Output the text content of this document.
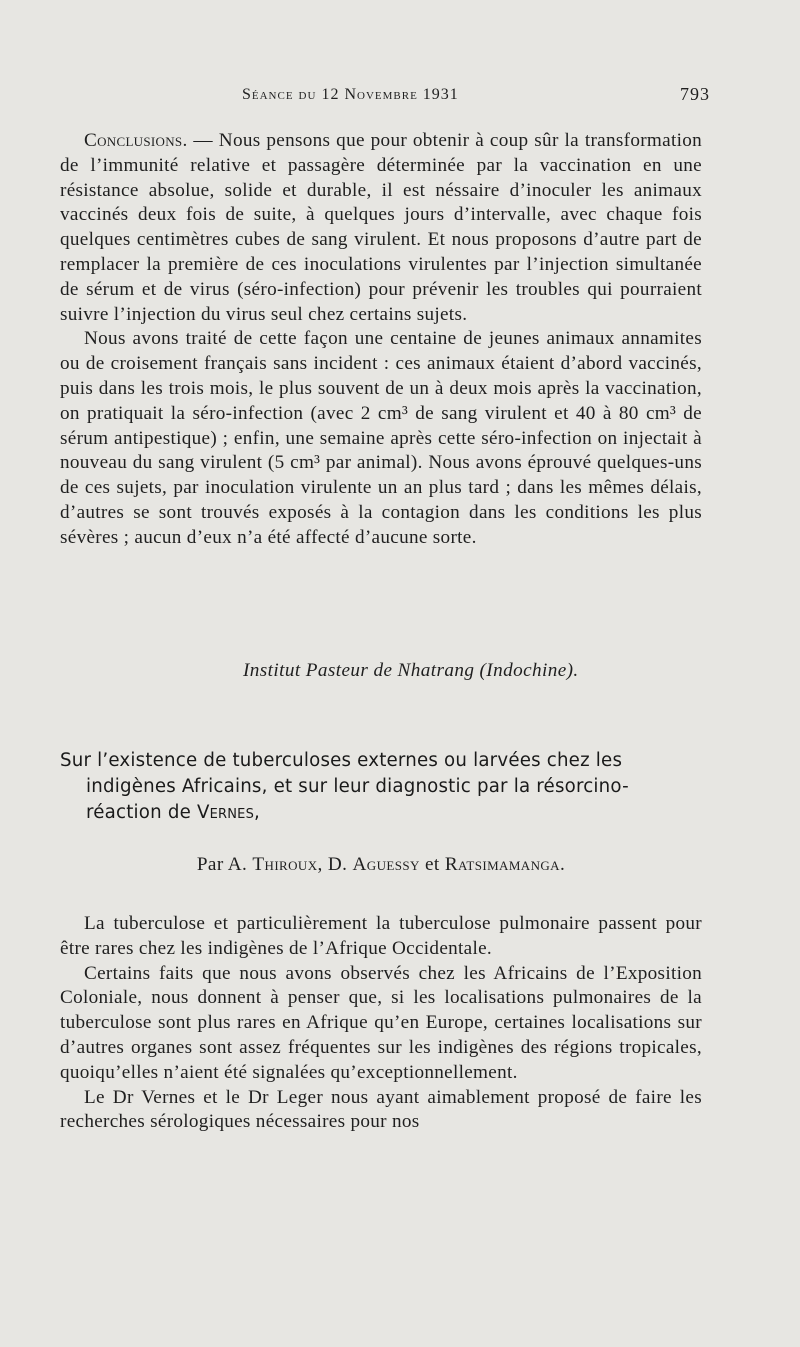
Séance du 12 Novembre 1931	793

Conclusions. — Nous pensons que pour obtenir à coup sûr la transformation de l’immunité relative et passagère déterminée par la vaccination en une résistance absolue, solide et durable, il est néssaire d’inoculer les animaux vaccinés deux fois de suite, à quelques jours d’intervalle, avec chaque fois quelques centimètres cubes de sang virulent. Et nous proposons d’autre part de remplacer la première de ces inoculations virulentes par l’injection simultanée de sérum et de virus (séro-infection) pour prévenir les troubles qui pourraient suivre l’injection du virus seul chez certains sujets.

Nous avons traité de cette façon une centaine de jeunes animaux annamites ou de croisement français sans incident : ces animaux étaient d’abord vaccinés, puis dans les trois mois, le plus souvent de un à deux mois après la vaccination, on pratiquait la séro-infection (avec 2 cm³ de sang virulent et 40 à 80 cm³ de sérum antipestique) ; enfin, une semaine après cette séro-infection on injectait à nouveau du sang virulent (5 cm³ par animal). Nous avons éprouvé quelques-uns de ces sujets, par inoculation virulente un an plus tard ; dans les mêmes délais, d’autres se sont trouvés exposés à la contagion dans les conditions les plus sévères ; aucun d’eux n’a été affecté d’aucune sorte.

Institut Pasteur de Nhatrang (Indochine).
Sur l’existence de tuberculoses externes ou larvées chez les
indigènes Africains, et sur leur diagnostic par la résorcino-
réaction de Vernes,
Par A. Thiroux, D. Aguessy et Ratsimamanga.

La tuberculose et particulièrement la tuberculose pulmonaire passent pour être rares chez les indigènes de l’Afrique Occidentale.

Certains faits que nous avons observés chez les Africains de l’Exposition Coloniale, nous donnent à penser que, si les localisations pulmonaires de la tuberculose sont plus rares en Afrique qu’en Europe, certaines localisations sur d’autres organes sont assez fréquentes sur les indigènes des régions tropicales, quoiqu’elles n’aient été signalées qu’exceptionnellement.

Le Dr Vernes et le Dr Leger nous ayant aimablement proposé de faire les recherches sérologiques nécessaires pour nos
